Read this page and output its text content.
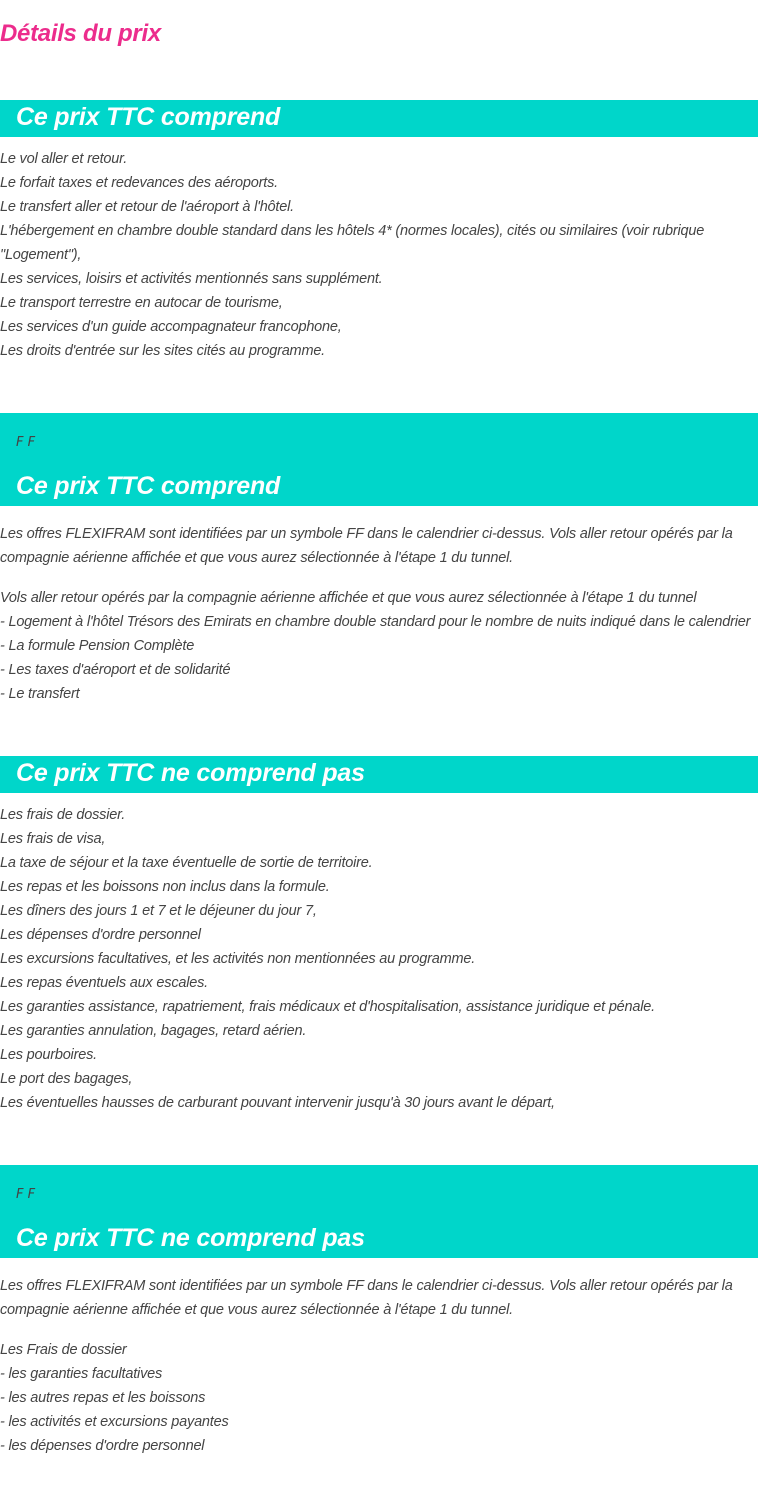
Détails du prix
Ce prix TTC comprend
Le vol aller et retour.
Le forfait taxes et redevances des aéroports.
Le transfert aller et retour de l'aéroport à l'hôtel.
L'hébergement en chambre double standard dans les hôtels 4* (normes locales), cités ou similaires (voir rubrique "Logement"),
Les services, loisirs et activités mentionnés sans supplément.
Le transport terrestre en autocar de tourisme,
Les services d'un guide accompagnateur francophone,
Les droits d'entrée sur les sites cités au programme.
F F
Ce prix TTC comprend

Les offres FLEXIFRAM sont identifiées par un symbole FF dans le calendrier ci-dessus. Vols aller retour opérés par la compagnie aérienne affichée et que vous aurez sélectionnée à l'étape 1 du tunnel.

Vols aller retour opérés par la compagnie aérienne affichée et que vous aurez sélectionnée à l'étape 1 du tunnel
- Logement à l'hôtel Trésors des Emirats en chambre double standard pour le nombre de nuits indiqué dans le calendrier
- La formule Pension Complète
- Les taxes d'aéroport et de solidarité
- Le transfert
Ce prix TTC ne comprend pas
Les frais de dossier.
Les frais de visa,
La taxe de séjour et la taxe éventuelle de sortie de territoire.
Les repas et les boissons non inclus dans la formule.
Les dîners des jours 1 et 7 et le déjeuner du jour 7,
Les dépenses d'ordre personnel
Les excursions facultatives, et les activités non mentionnées au programme.
Les repas éventuels aux escales.
Les garanties assistance, rapatriement, frais médicaux et d'hospitalisation, assistance juridique et pénale.
Les garanties annulation, bagages, retard aérien.
Les pourboires.
Le port des bagages,
Les éventuelles hausses de carburant pouvant intervenir jusqu'à 30 jours avant le départ,
F F
Ce prix TTC ne comprend pas

Les offres FLEXIFRAM sont identifiées par un symbole FF dans le calendrier ci-dessus. Vols aller retour opérés par la compagnie aérienne affichée et que vous aurez sélectionnée à l'étape 1 du tunnel.

Les Frais de dossier
- les garanties facultatives
- les autres repas et les boissons
- les activités et excursions payantes
- les dépenses d'ordre personnel
